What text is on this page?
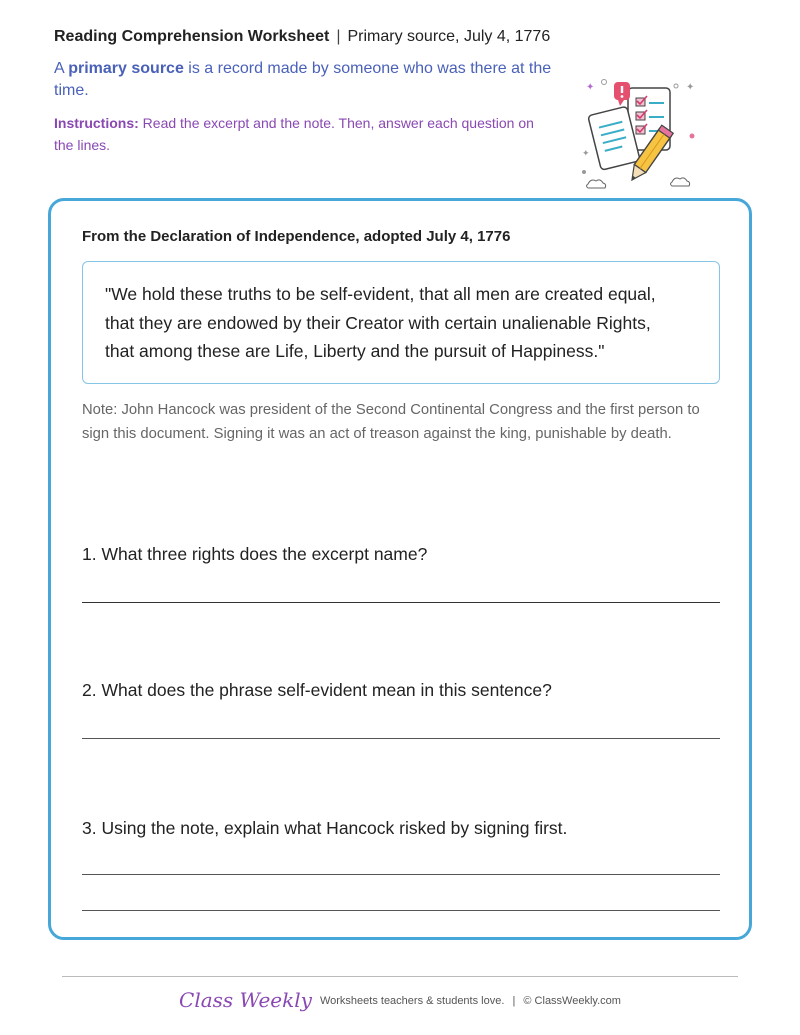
Reading Comprehension Worksheet | Primary source, July 4, 1776
A primary source is a record made by someone who was there at the time.
Instructions: Read the excerpt and the note. Then, answer each question on the lines.
✦	✦
✦
From the Declaration of Independence, adopted July 4, 1776
"We hold these truths to be self-evident, that all men are created equal,
that they are endowed by their Creator with certain unalienable Rights,
that among these are Life, Liberty and the pursuit of Happiness."
Note: John Hancock was president of the Second Continental Congress and the first person to sign this document. Signing it was an act of treason against the king, punishable by death.
1. What three rights does the excerpt name?
2. What does the phrase self-evident mean in this sentence?
3. Using the note, explain what Hancock risked by signing first.
Class Weekly Worksheets teachers & students love. | © ClassWeekly.com
